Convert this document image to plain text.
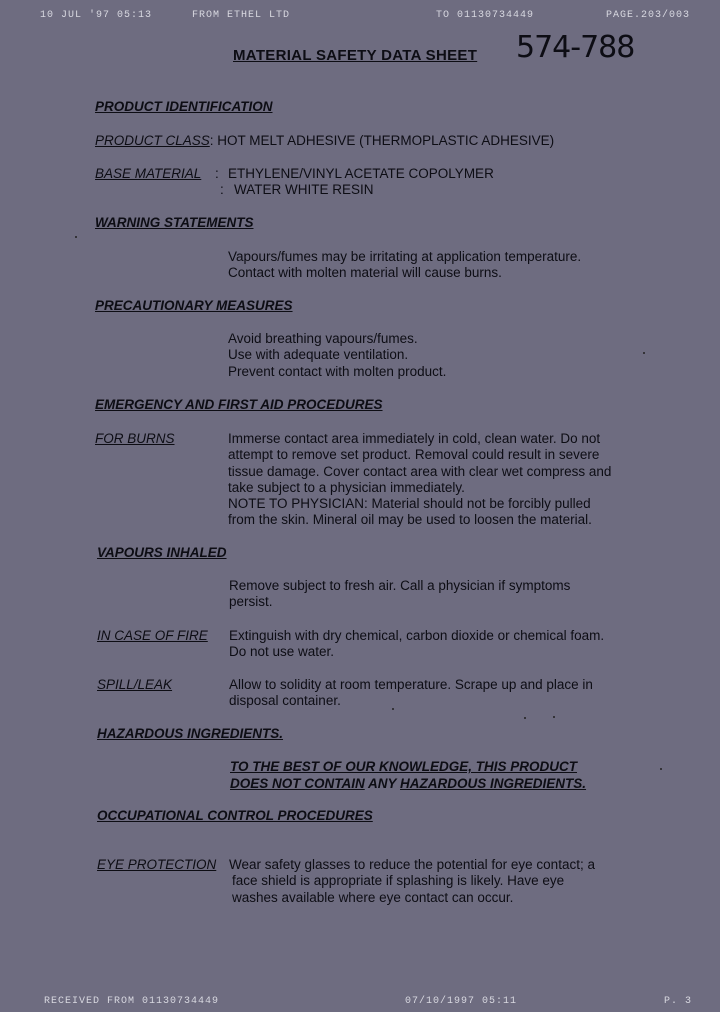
10 JUL '97 05:13	FROM ETHEL LTD	TO 01130734449	PAGE.203/003
MATERIAL SAFETY DATA SHEET 574-788
PRODUCT IDENTIFICATION
PRODUCT CLASS: HOT MELT ADHESIVE (THERMOPLASTIC ADHESIVE)
BASE MATERIAL : ETHYLENE/VINYL ACETATE COPOLYMER
: WATER WHITE RESIN
WARNING STATEMENTS
Vapours/fumes may be irritating at application temperature.
Contact with molten material will cause burns.
PRECAUTIONARY MEASURES
Avoid breathing vapours/fumes.
Use with adequate ventilation.
Prevent contact with molten product.
EMERGENCY AND FIRST AID PROCEDURES
FOR BURNS	Immerse contact area immediately in cold, clean water. Do not
attempt to remove set product. Removal could result in severe
tissue damage. Cover contact area with clear wet compress and
take subject to a physician immediately.
NOTE TO PHYSICIAN: Material should not be forcibly pulled
from the skin. Mineral oil may be used to loosen the material.
VAPOURS INHALED
Remove subject to fresh air. Call a physician if symptoms
persist.
IN CASE OF FIRE Extinguish with dry chemical, carbon dioxide or chemical foam.
Do not use water.
SPILL/LEAK	Allow to solidity at room temperature. Scrape up and place in
disposal container.
HAZARDOUS INGREDIENTS.
TO THE BEST OF OUR KNOWLEDGE, THIS PRODUCT
DOES NOT CONTAIN ANY HAZARDOUS INGREDIENTS.
OCCUPATIONAL CONTROL PROCEDURES
EYE PROTECTION Wear safety glasses to reduce the potential for eye contact; a
face shield is appropriate if splashing is likely. Have eye
washes available where eye contact can occur.
RECEIVED FROM 01130734449	07/10/1997 05:11	P. 3
